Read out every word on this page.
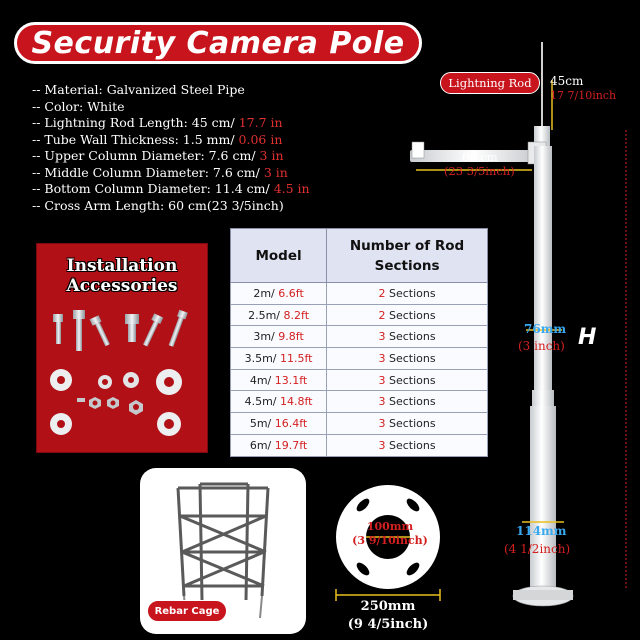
Security Camera Pole
-- Material: Galvanized Steel Pipe
-- Color: White
-- Lightning Rod Length: 45 cm/ 17.7 in
-- Tube Wall Thickness: 1.5 mm/ 0.06 in
-- Upper Column Diameter: 7.6 cm/ 3 in
-- Middle Column Diameter: 7.6 cm/ 3 in
-- Bottom Column Diameter: 11.4 cm/ 4.5 in
-- Cross Arm Length: 60 cm(23 3/5inch)
Installation
Accessories
Model	Number of Rod
Sections

2m/ 6.6ft	2 Sections
2.5m/ 8.2ft	2 Sections
3m/ 9.8ft	3 Sections
3.5m/ 11.5ft	3 Sections
4m/ 13.1ft	3 Sections
4.5m/ 14.8ft	3 Sections
5m/ 16.4ft	3 Sections
6m/ 19.7ft	3 Sections
Rebar Cage
100mm
(3 9/10inch)
250mm
(9 4/5inch)
Lightning Rod	45cm
17 7/10inch
60 cm
(23 3/5inch)
76mm
(3 inch) H
114mm
(4 1/2inch)
